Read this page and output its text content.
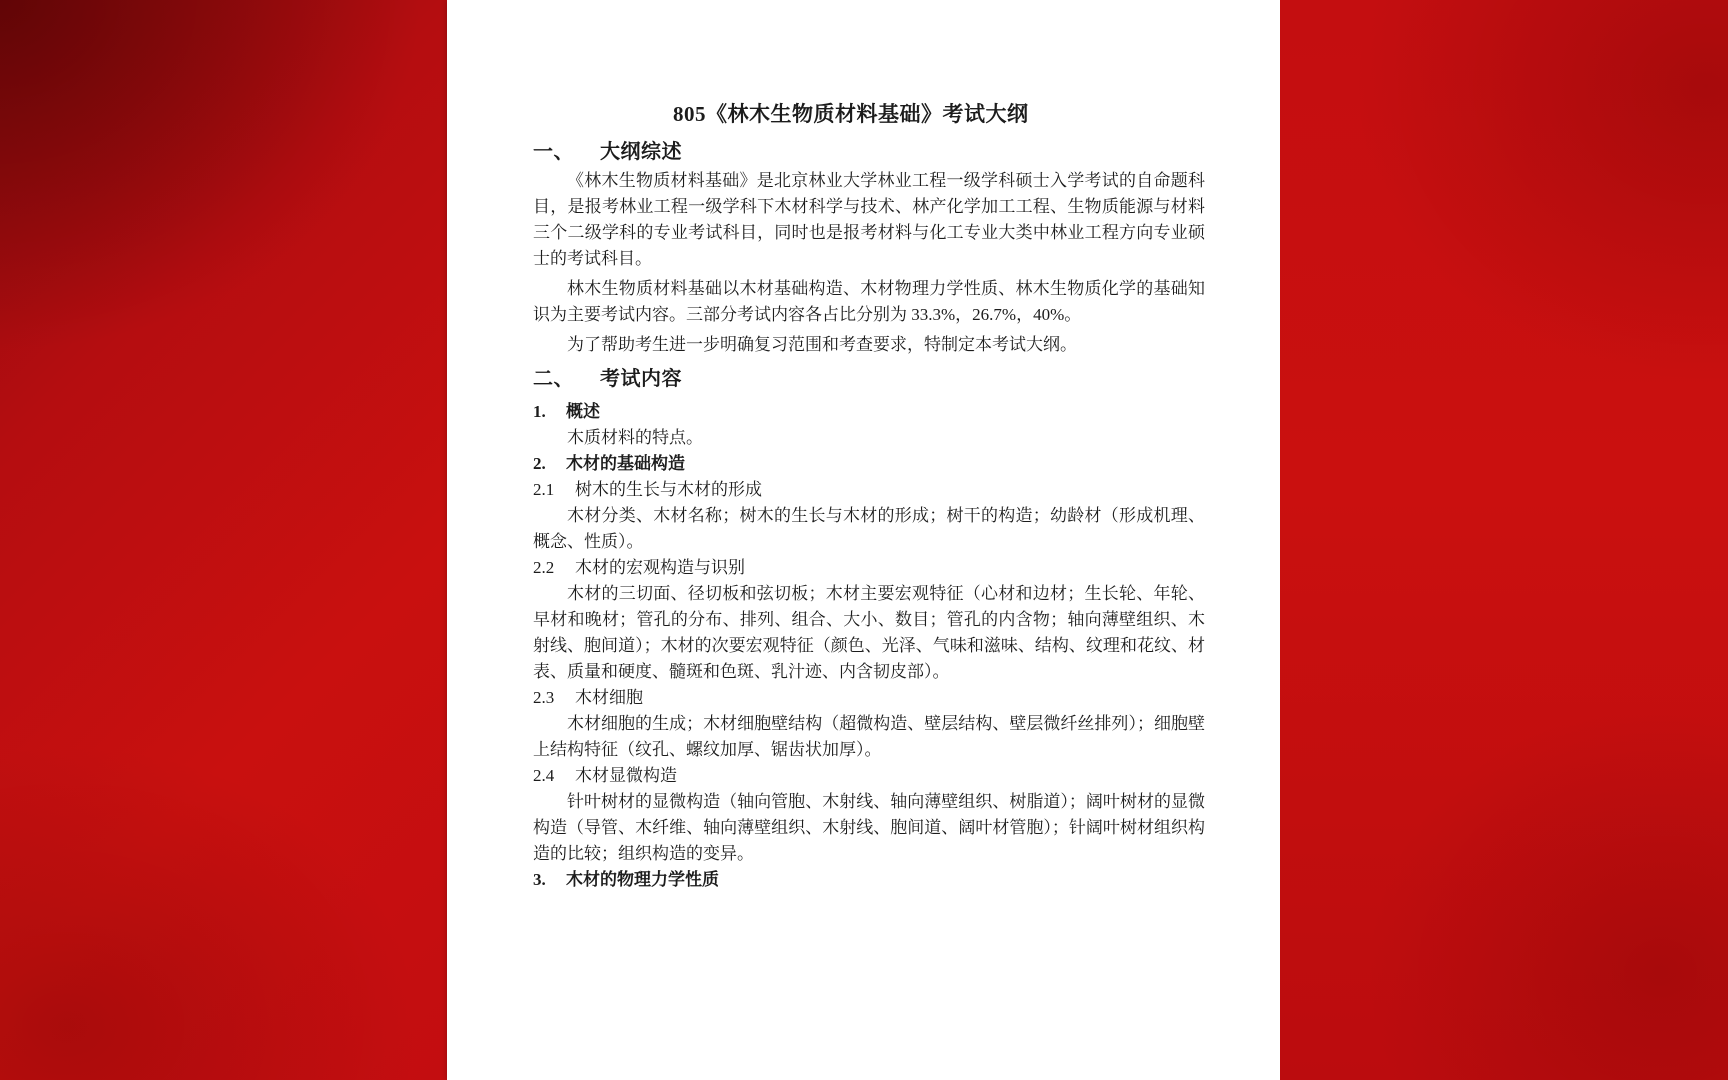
805《林木生物质材料基础》考试大纲
一、 大纲综述

《林木生物质材料基础》是北京林业大学林业工程一级学科硕士入学考试的自命题科目，是报考林业工程一级学科下木材科学与技术、林产化学加工工程、生物质能源与材料三个二级学科的专业考试科目，同时也是报考材料与化工专业大类中林业工程方向专业硕士的考试科目。

林木生物质材料基础以木材基础构造、木材物理力学性质、林木生物质化学的基础知识为主要考试内容。三部分考试内容各占比分别为 33.3%，26.7%，40%。

为了帮助考生进一步明确复习范围和考查要求，特制定本考试大纲。

二、 考试内容
1. 概述
木质材料的特点。
2. 木材的基础构造
2.1 树木的生长与木材的形成
木材分类、木材名称；树木的生长与木材的形成；树干的构造；幼龄材（形成机理、概念、性质）。
2.2 木材的宏观构造与识别
木材的三切面、径切板和弦切板；木材主要宏观特征（心材和边材；生长轮、年轮、早材和晚材；管孔的分布、排列、组合、大小、数目；管孔的内含物；轴向薄壁组织、木射线、胞间道）；木材的次要宏观特征（颜色、光泽、气味和滋味、结构、纹理和花纹、材表、质量和硬度、髓斑和色斑、乳汁迹、内含韧皮部）。
2.3 木材细胞
木材细胞的生成；木材细胞壁结构（超微构造、壁层结构、壁层微纤丝排列）；细胞壁上结构特征（纹孔、螺纹加厚、锯齿状加厚）。
2.4 木材显微构造
针叶树材的显微构造（轴向管胞、木射线、轴向薄壁组织、树脂道）；阔叶树材的显微构造（导管、木纤维、轴向薄壁组织、木射线、胞间道、阔叶材管胞）；针阔叶树材组织构造的比较；组织构造的变异。
3. 木材的物理力学性质
